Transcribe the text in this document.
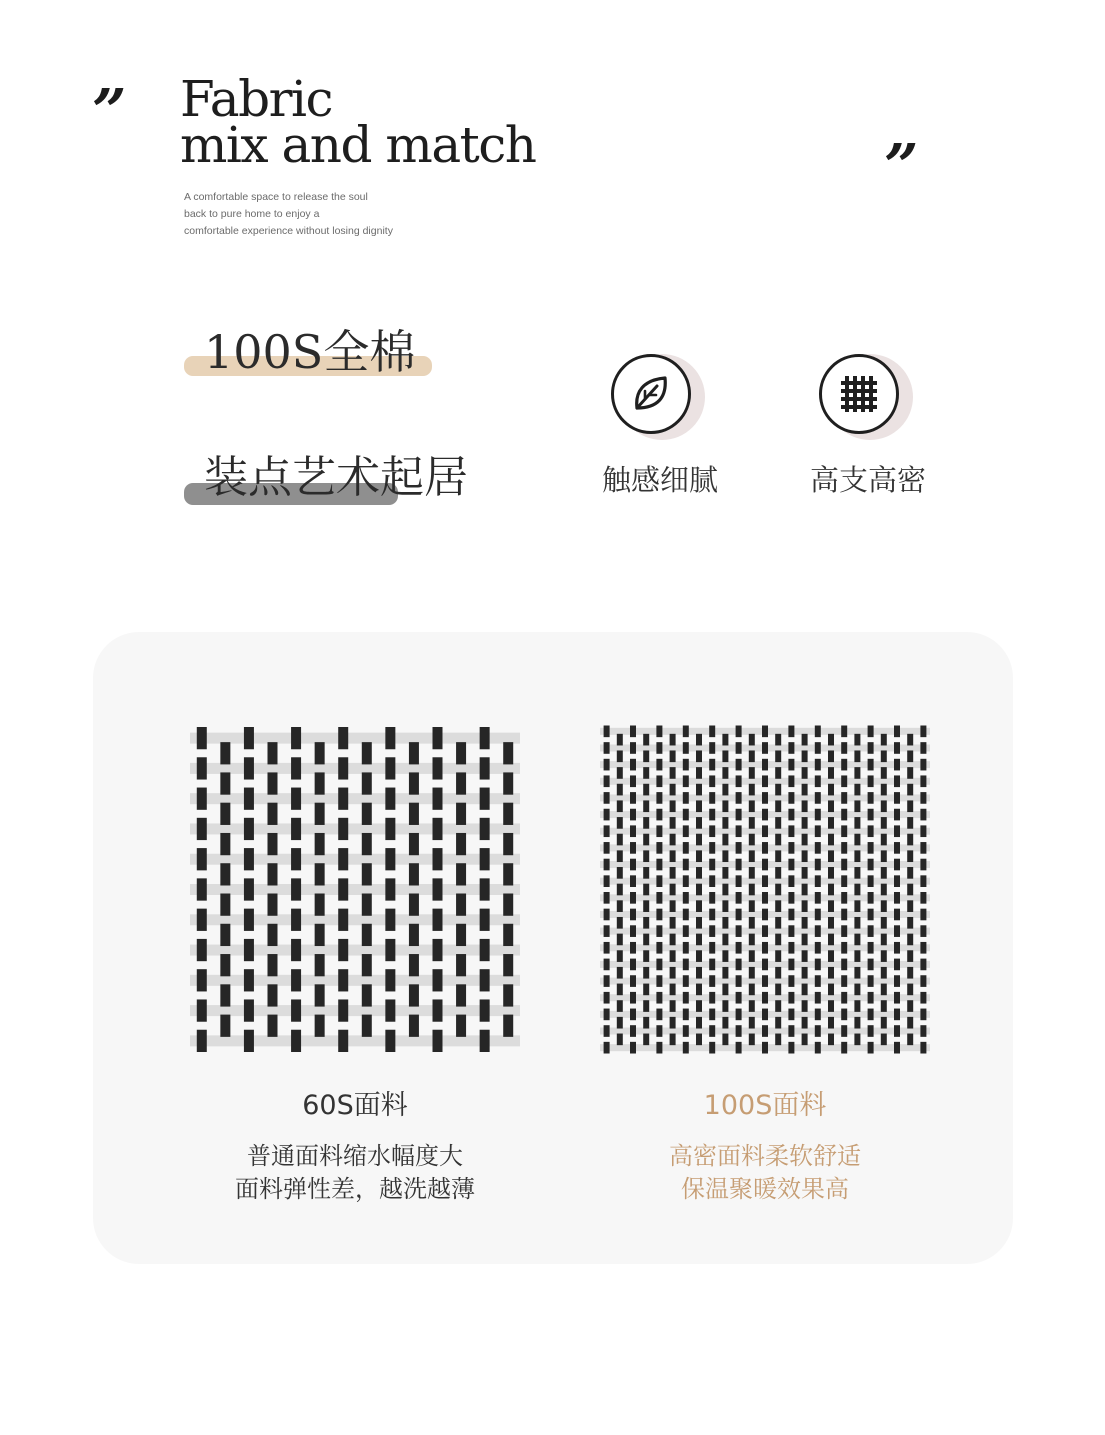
”
”
Fabric
mix and match
A comfortable space to release the soul
back to pure home to enjoy a
comfortable experience without losing dignity
100S全棉
装点艺术起居	触感细腻	高支高密
60S面料
普通面料缩水幅度大
面料弹性差，越洗越薄
100S面料
高密面料柔软舒适
保温聚暖效果高
